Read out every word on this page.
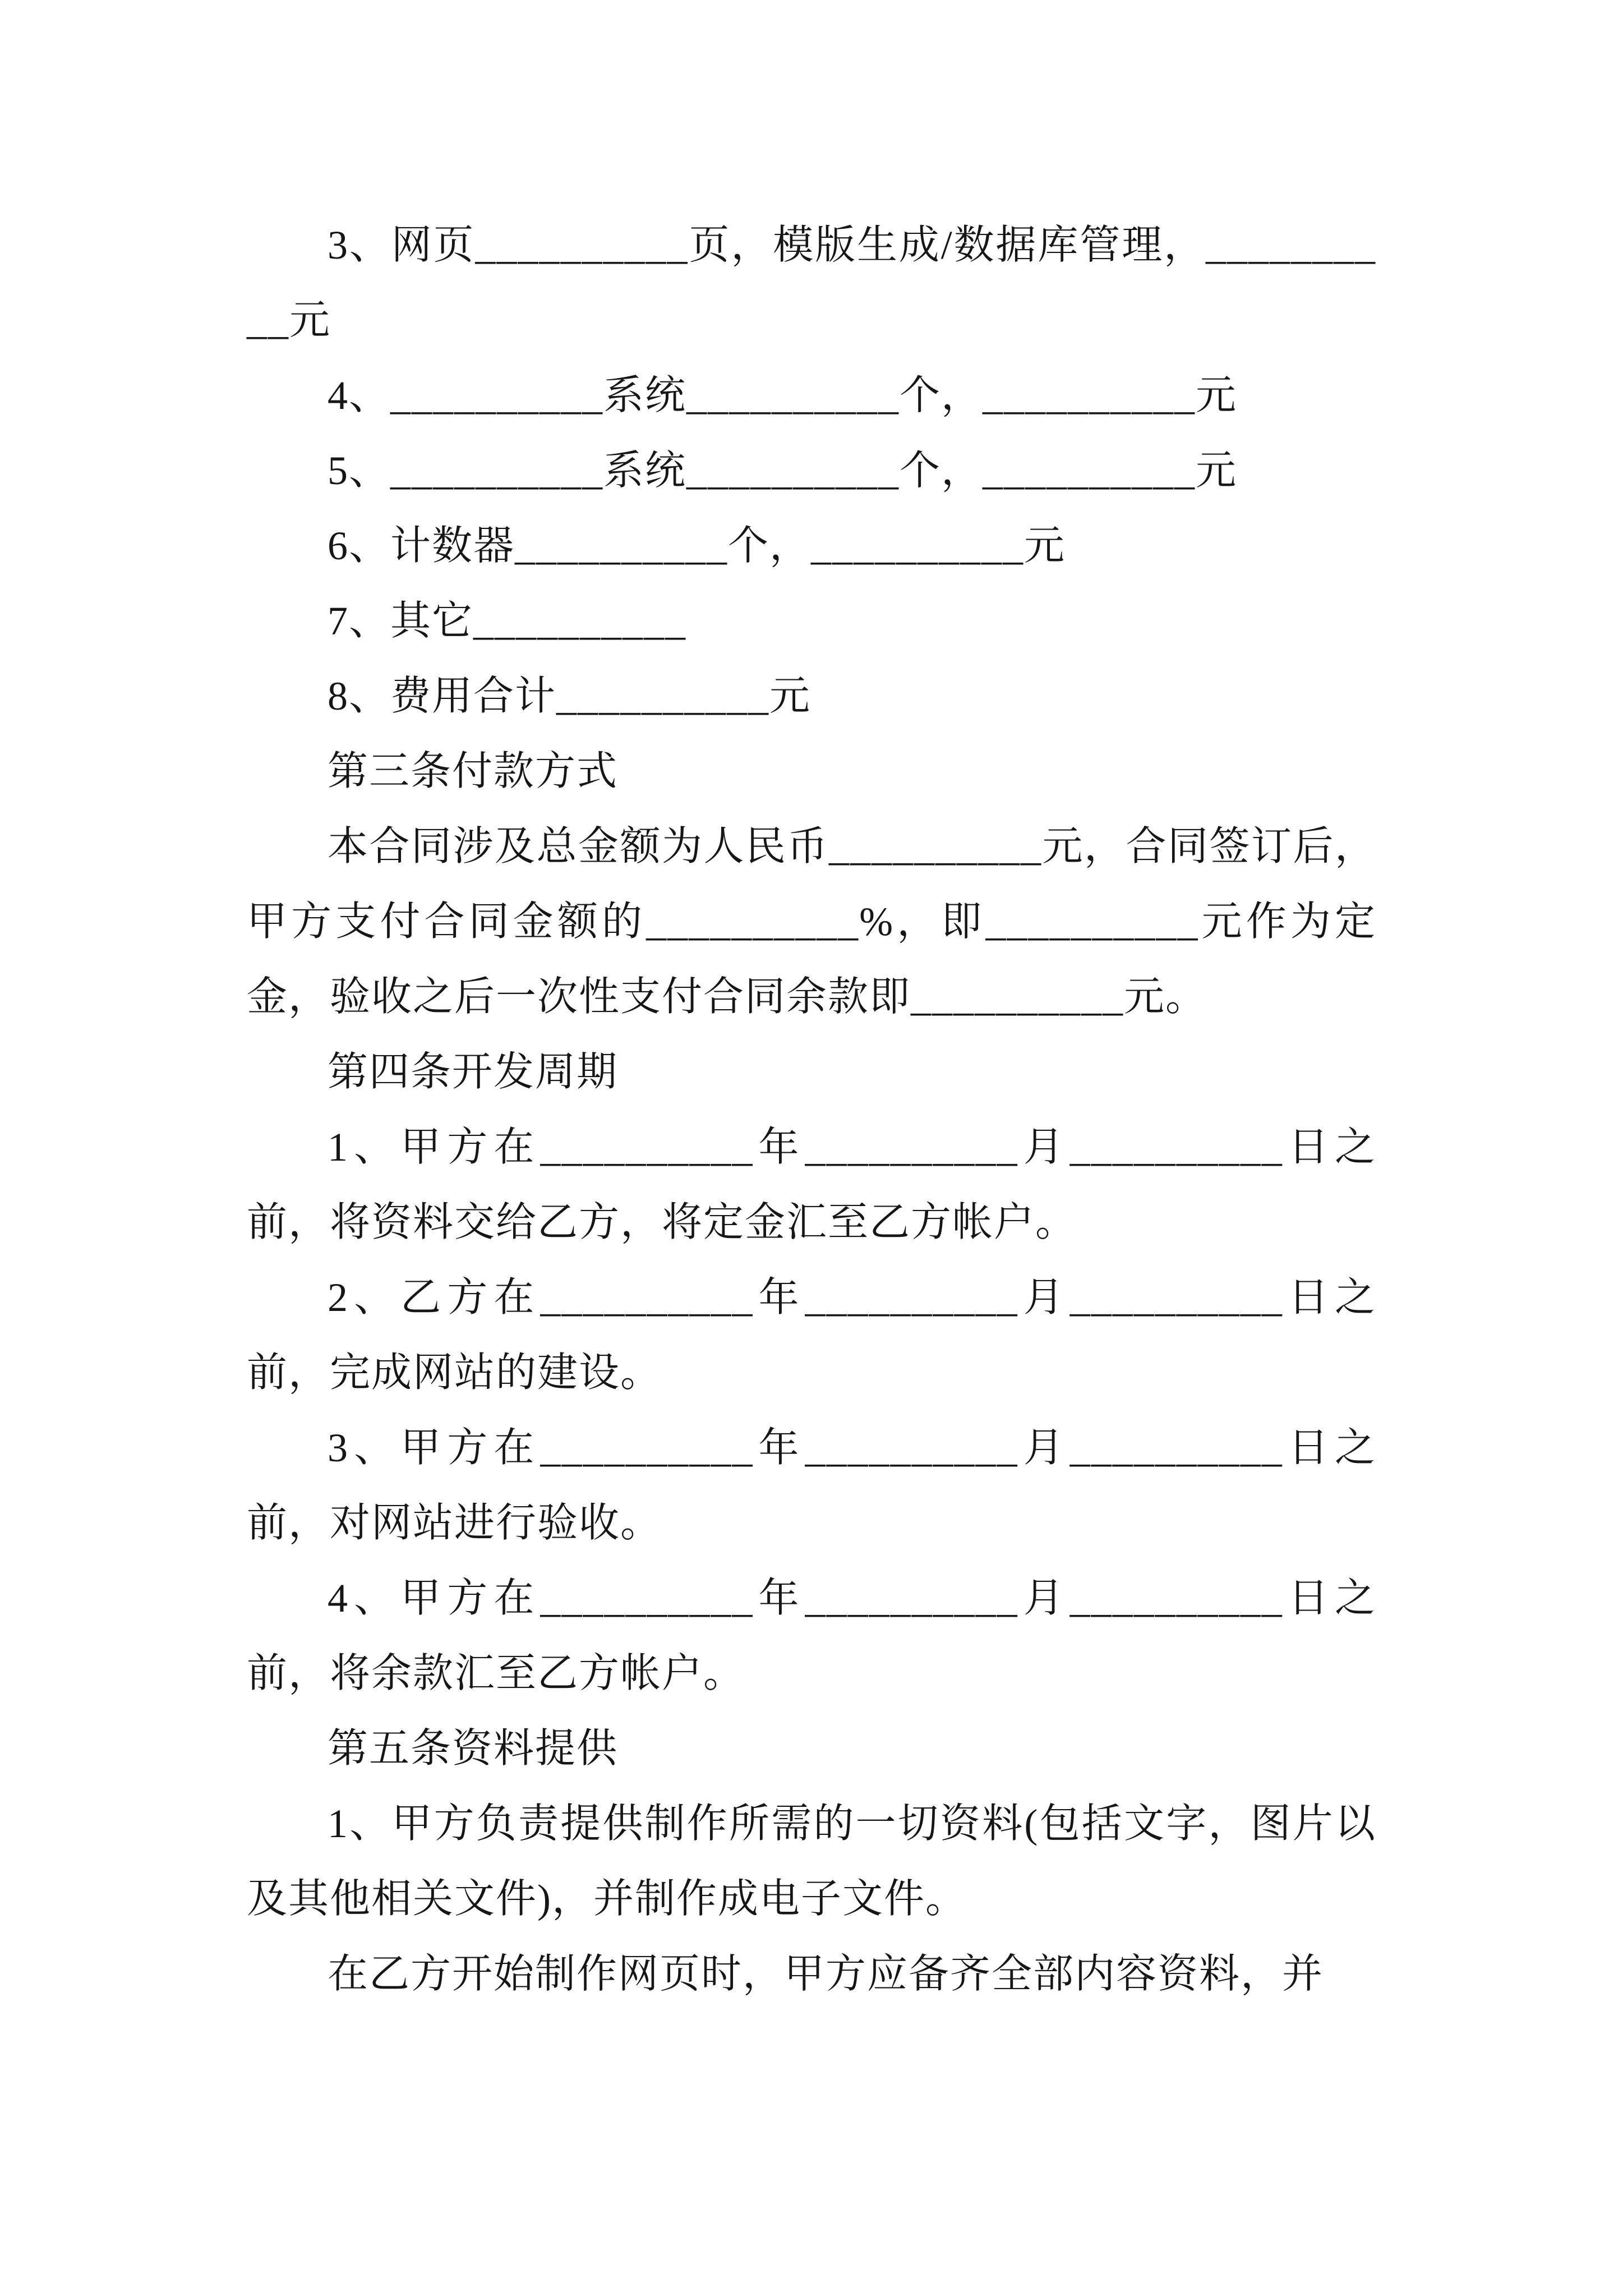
3、网页__________页，模版生成/数据库管理，__________元

4、__________系统__________个，__________元

5、__________系统__________个，__________元

6、计数器__________个，__________元

7、其它__________

8、费用合计__________元

第三条付款方式

本合同涉及总金额为人民币__________元，合同签订后，甲方支付合同金额的__________%，即__________元作为定金，验收之后一次性支付合同余款即__________元。

第四条开发周期

1、甲方在__________年__________月__________日之前，将资料交给乙方，将定金汇至乙方帐户。

2、乙方在__________年__________月__________日之前，完成网站的建设。

3、甲方在__________年__________月__________日之前，对网站进行验收。

4、甲方在__________年__________月__________日之前，将余款汇至乙方帐户。

第五条资料提供

1、甲方负责提供制作所需的一切资料(包括文字，图片以及其他相关文件)，并制作成电子文件。

在乙方开始制作网页时，甲方应备齐全部内容资料，并
